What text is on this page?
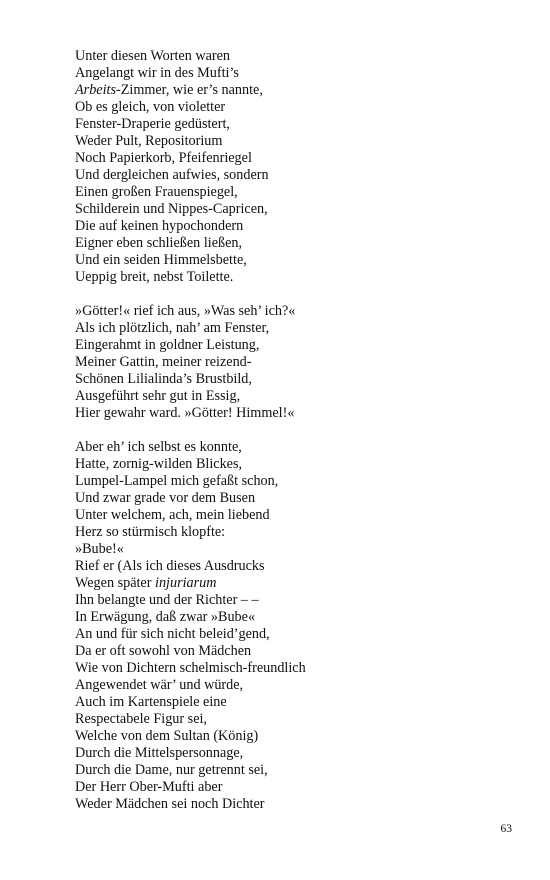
Unter diesen Worten waren
Angelangt wir in des Mufti’s
Arbeits-Zimmer, wie er’s nannte,
Ob es gleich, von violetter
Fenster-Draperie gedüstert,
Weder Pult, Repositorium
Noch Papierkorb, Pfeifenriegel
Und dergleichen aufwies, sondern
Einen großen Frauenspiegel,
Schilderein und Nippes-Capricen,
Die auf keinen hypochondern
Eigner eben schließen ließen,
Und ein seiden Himmelsbette,
Ueppig breit, nebst Toilette.
»Götter!« rief ich aus, »Was seh’ ich?«
Als ich plötzlich, nah’ am Fenster,
Eingerahmt in goldner Leistung,
Meiner Gattin, meiner reizend-
Schönen Lilialinda’s Brustbild,
Ausgeführt sehr gut in Essig,
Hier gewahr ward. »Götter! Himmel!«
Aber eh’ ich selbst es konnte,
Hatte, zornig-wilden Blickes,
Lumpel-Lampel mich gefaßt schon,
Und zwar grade vor dem Busen
Unter welchem, ach, mein liebend
Herz so stürmisch klopfte:
»Bube!«
Rief er (Als ich dieses Ausdrucks
Wegen später injuriarum
Ihn belangte und der Richter – –
In Erwägung, daß zwar »Bube«
An und für sich nicht beleid’gend,
Da er oft sowohl von Mädchen
Wie von Dichtern schelmisch-freundlich
Angewendet wär’ und würde,
Auch im Kartenspiele eine
Respectabele Figur sei,
Welche von dem Sultan (König)
Durch die Mittelspersonnage,
Durch die Dame, nur getrennt sei,
Der Herr Ober-Mufti aber
Weder Mädchen sei noch Dichter
63
